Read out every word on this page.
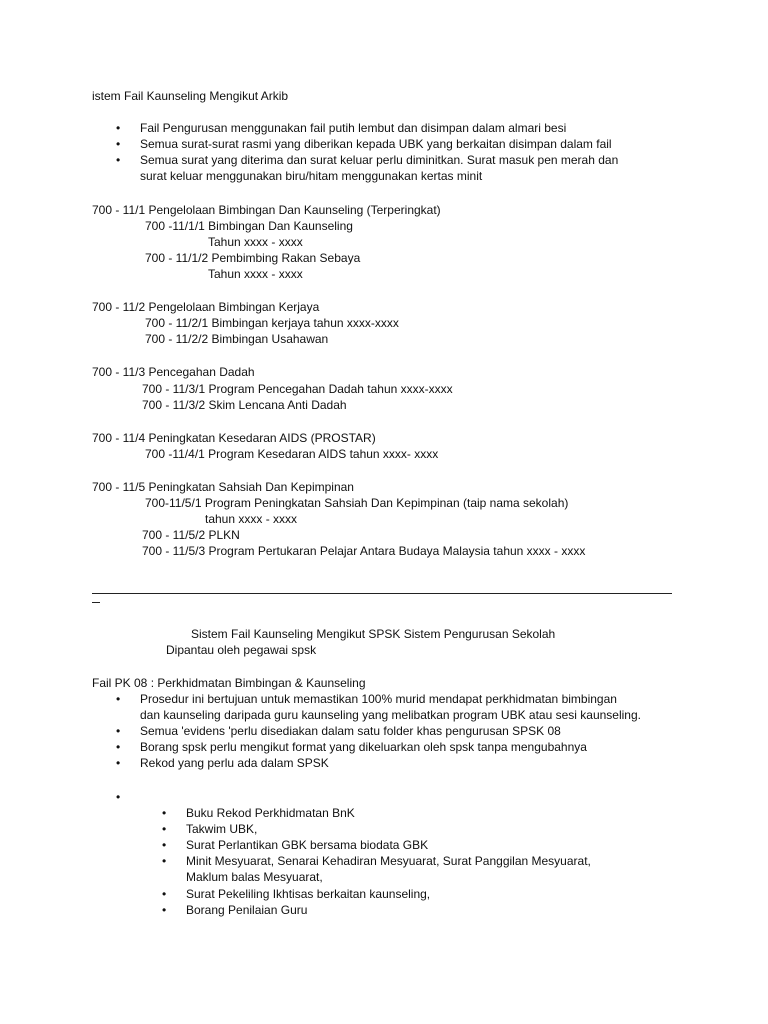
istem Fail Kaunseling Mengikut Arkib
• Fail Pengurusan menggunakan fail putih lembut dan disimpan dalam almari besi
• Semua surat-surat rasmi yang diberikan kepada UBK yang berkaitan disimpan dalam fail
• Semua surat yang diterima dan surat keluar perlu diminitkan. Surat masuk pen merah dan
surat keluar menggunakan biru/hitam menggunakan kertas minit
700 - 11/1 Pengelolaan Bimbingan Dan Kaunseling (Terperingkat)
700 -11/1/1 Bimbingan Dan Kaunseling
Tahun xxxx - xxxx
700 - 11/1/2 Pembimbing Rakan Sebaya
Tahun xxxx - xxxx
700 - 11/2 Pengelolaan Bimbingan Kerjaya
700 - 11/2/1 Bimbingan kerjaya tahun xxxx-xxxx
700 - 11/2/2 Bimbingan Usahawan
700 - 11/3 Pencegahan Dadah
700 - 11/3/1 Program Pencegahan Dadah tahun xxxx-xxxx
700 - 11/3/2 Skim Lencana Anti Dadah
700 - 11/4 Peningkatan Kesedaran AIDS (PROSTAR)
700 -11/4/1 Program Kesedaran AIDS tahun xxxx- xxxx
700 - 11/5 Peningkatan Sahsiah Dan Kepimpinan
700-11/5/1 Program Peningkatan Sahsiah Dan Kepimpinan (taip nama sekolah)
tahun xxxx - xxxx
700 - 11/5/2 PLKN
700 - 11/5/3 Program Pertukaran Pelajar Antara Budaya Malaysia tahun xxxx - xxxx
Sistem Fail Kaunseling Mengikut SPSK Sistem Pengurusan Sekolah
Dipantau oleh pegawai spsk
Fail PK 08 : Perkhidmatan Bimbingan & Kaunseling
• Prosedur ini bertujuan untuk memastikan 100% murid mendapat perkhidmatan bimbingan
dan kaunseling daripada guru kaunseling yang melibatkan program UBK atau sesi kaunseling.
• Semua 'evidens 'perlu disediakan dalam satu folder khas pengurusan SPSK 08
• Borang spsk perlu mengikut format yang dikeluarkan oleh spsk tanpa mengubahnya
• Rekod yang perlu ada dalam SPSK
• Buku Rekod Perkhidmatan BnK
• Takwim UBK,
• Surat Perlantikan GBK bersama biodata GBK
• Minit Mesyuarat, Senarai Kehadiran Mesyuarat, Surat Panggilan Mesyuarat,
Maklum balas Mesyuarat,
• Surat Pekeliling Ikhtisas berkaitan kaunseling,
• Borang Penilaian Guru
